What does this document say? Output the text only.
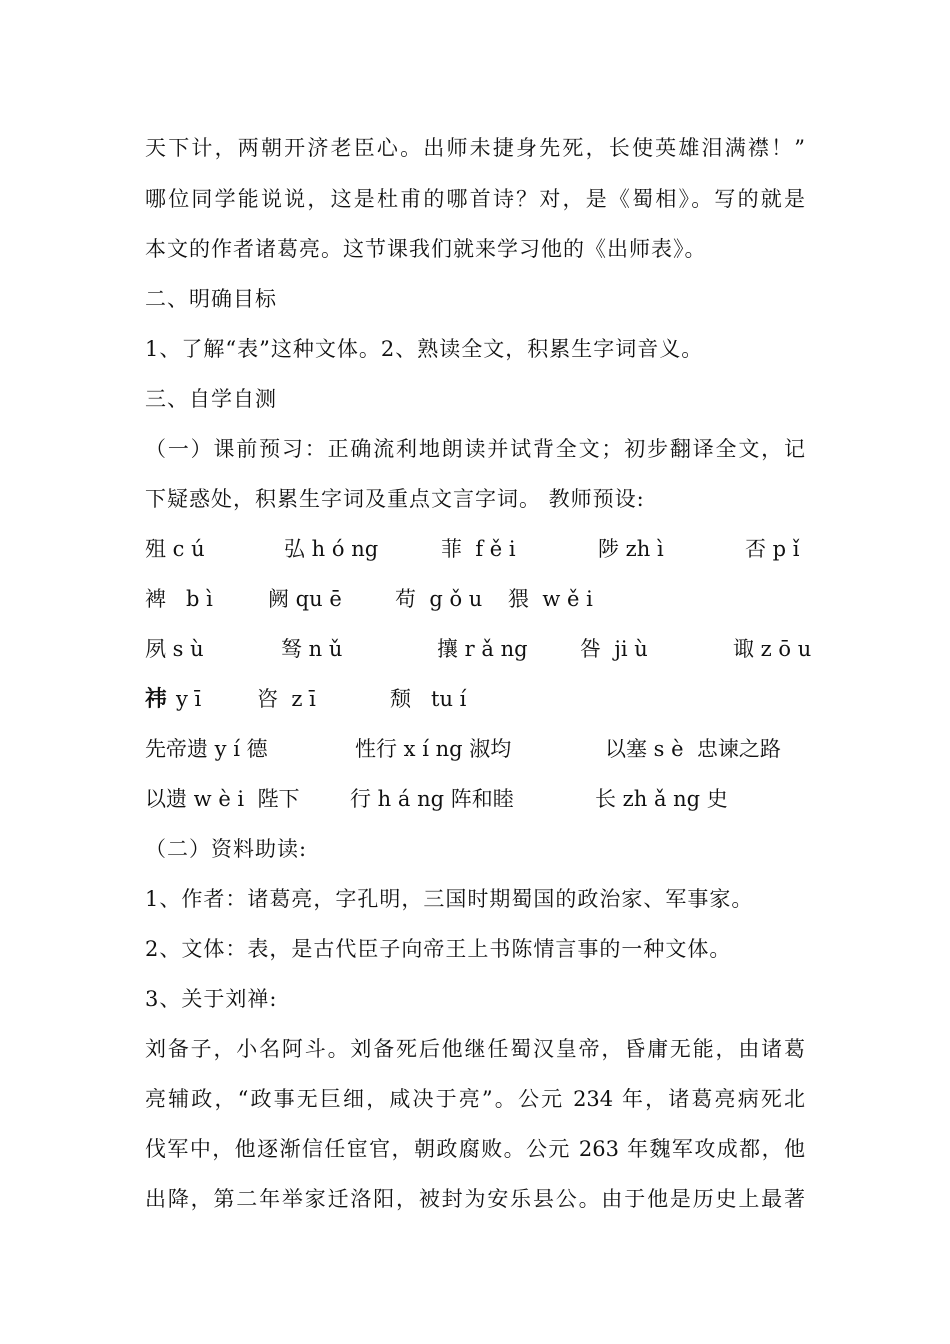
天下计，两朝开济老臣心。出师未捷身先死，长使英雄泪满襟！”
哪位同学能说说，这是杜甫的哪首诗？对，是《蜀相》。写的就是
本文的作者诸葛亮。这节课我们就来学习他的《出师表》。
二、明确目标
1、了解“表”这种文体。2、熟读全文，积累生字词音义。
三、自学自测
（一）课前预习：正确流利地朗读并试背全文；初步翻译全文，记
下疑惑处，积累生字词及重点文言字词。 教师预设:
殂 c ú	弘 h ó ng	菲  f ě i	陟 zh ì	否 p ǐ
裨   b ì	阙 qu ē	苟  g ǒ u 猥  w ě i
夙 s ù	驽 n ǔ	攘 r ǎ ng 咎  ji ù	诹 z ō u
祎 y ī	咨  z ī	颓   tu í
先帝遗 y í 德	性行 x í ng 淑均	以塞 s è  忠谏之路
以遗 w è i  陛下 行 h á ng 阵和睦	长 zh ǎ ng 史
（二）资料助读:
1、作者：诸葛亮，字孔明，三国时期蜀国的政治家、军事家。
2、文体：表，是古代臣子向帝王上书陈情言事的一种文体。
3、关于刘禅:
刘备子，小名阿斗。刘备死后他继任蜀汉皇帝，昏庸无能，由诸葛
亮辅政，“政事无巨细，咸决于亮”。公元 234 年，诸葛亮病死北
伐军中，他逐渐信任宦官，朝政腐败。公元 263 年魏军攻成都，他
出降，第二年举家迁洛阳，被封为安乐县公。由于他是历史上最著
